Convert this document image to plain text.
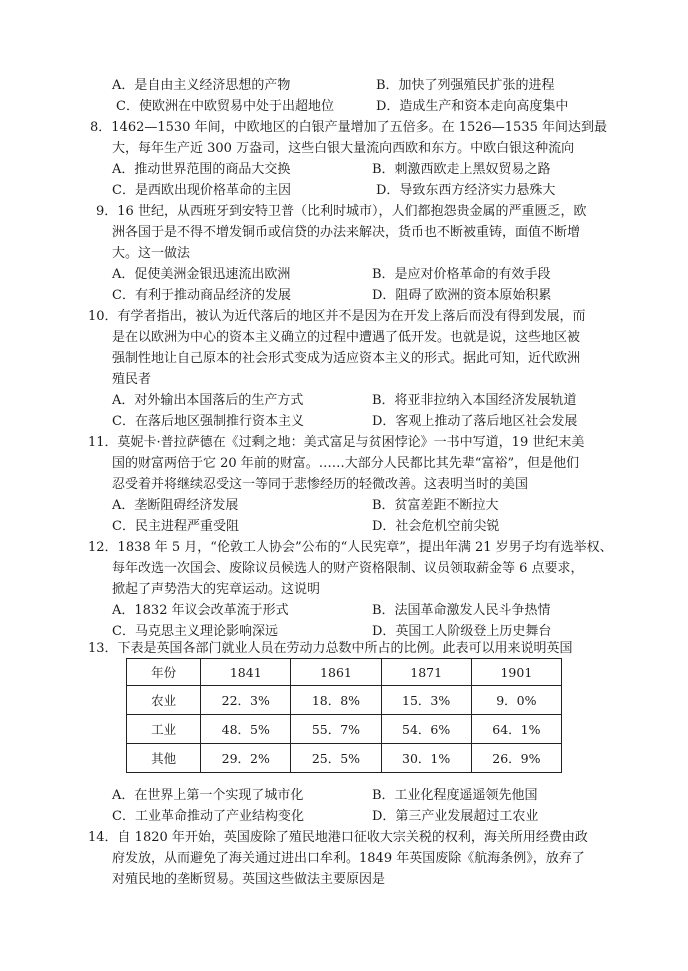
A．是自由主义经济思想的产物	B．加快了列强殖民扩张的进程
C．使欧洲在中欧贸易中处于出超地位	D．造成生产和资本走向高度集中
8．1462—1530 年间，中欧地区的白银产量增加了五倍多。在 1526—1535 年间达到最
大，每年生产近 300 万盎司，这些白银大量流向西欧和东方。中欧白银这种流向
A．推动世界范围的商品大交换	B．刺激西欧走上黑奴贸易之路
C．是西欧出现价格革命的主因	D．导致东西方经济实力悬殊大
9．16 世纪，从西班牙到安特卫普（比利时城市），人们都抱怨贵金属的严重匮乏，欧
洲各国于是不得不增发铜币或信贷的办法来解决，货币也不断被重铸，面值不断增
大。这一做法
A．促使美洲金银迅速流出欧洲	B．是应对价格革命的有效手段
C．有利于推动商品经济的发展	D．阻碍了欧洲的资本原始积累
10．有学者指出，被认为近代落后的地区并不是因为在开发上落后而没有得到发展，而
是在以欧洲为中心的资本主义确立的过程中遭遇了低开发。也就是说，这些地区被
强制性地让自己原本的社会形式变成为适应资本主义的形式。据此可知，近代欧洲
殖民者
A．对外输出本国落后的生产方式	B．将亚非拉纳入本国经济发展轨道
C．在落后地区强制推行资本主义	D．客观上推动了落后地区社会发展
11．莫妮卡·普拉萨德在《过剩之地：美式富足与贫困悖论》一书中写道，19 世纪末美
国的财富两倍于它 20 年前的财富。……大部分人民都比其先辈“富裕”，但是他们
忍受着并将继续忍受这一等同于悲惨经历的轻微改善。这表明当时的美国
A．垄断阻碍经济发展	B．贫富差距不断拉大
C．民主进程严重受阻	D．社会危机空前尖锐
12．1838 年 5 月，“伦敦工人协会”公布的“人民宪章”，提出年满 21 岁男子均有选举权、
每年改选一次国会、废除议员候选人的财产资格限制、议员领取薪金等 6 点要求，
掀起了声势浩大的宪章运动。这说明
A．1832 年议会改革流于形式	B．法国革命激发人民斗争热情
C．马克思主义理论影响深远	D．英国工人阶级登上历史舞台
13．下表是英国各部门就业人员在劳动力总数中所占的比例。此表可以用来说明英国
年份	1841	1861	1871	1901
农业	22．3%	18．8%	15．3%	9．0%
工业	48．5%	55．7%	54．6%	64．1%
其他	29．2%	25．5%	30．1%	26．9%
A．在世界上第一个实现了城市化	B．工业化程度遥遥领先他国
C．工业革命推动了产业结构变化	D．第三产业发展超过工农业
14．自 1820 年开始，英国废除了殖民地港口征收大宗关税的权利，海关所用经费由政
府发放，从而避免了海关通过进出口牟利。1849 年英国废除《航海条例》，放弃了
对殖民地的垄断贸易。英国这些做法主要原因是
